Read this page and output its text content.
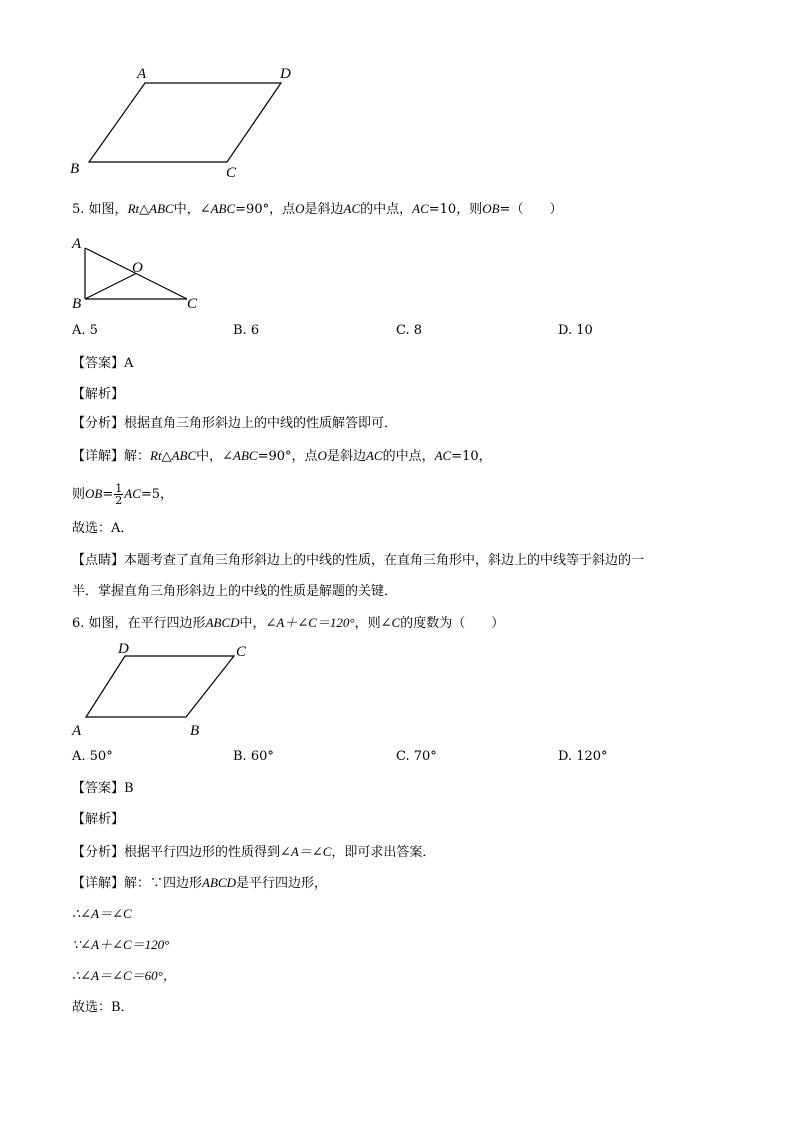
A	D
B	C
5. 如图，Rt△ABC中，∠ABC=90°，点O是斜边AC的中点，AC=10，则OB=（　　）
A
O
B	C
A. 5	B. 6	C. 8	D. 10
【答案】A
【解析】
【分析】根据直角三角形斜边上的中线的性质解答即可．
【详解】解：Rt△ABC中，∠ABC=90°，点O是斜边AC的中点，AC=10，
则$OB= \frac{1}{2} AC=5$，
故选：A．
【点睛】本题考查了直角三角形斜边上的中线的性质，在直角三角形中，斜边上的中线等于斜边的一
半．掌握直角三角形斜边上的中线的性质是解题的关键．
6. 如图，在平行四边形ABCD中，∠A＋∠C＝120°，则∠C的度数为（　　）
D	C
A	B
A. 50°	B. 60°	C. 70°	D. 120°
【答案】B
【解析】
【分析】根据平行四边形的性质得到∠A＝∠C，即可求出答案．
【详解】解：∵四边形ABCD是平行四边形，
∴∠A＝∠C
∵∠A＋∠C＝120°
∴∠A＝∠C＝60°，
故选：B．
